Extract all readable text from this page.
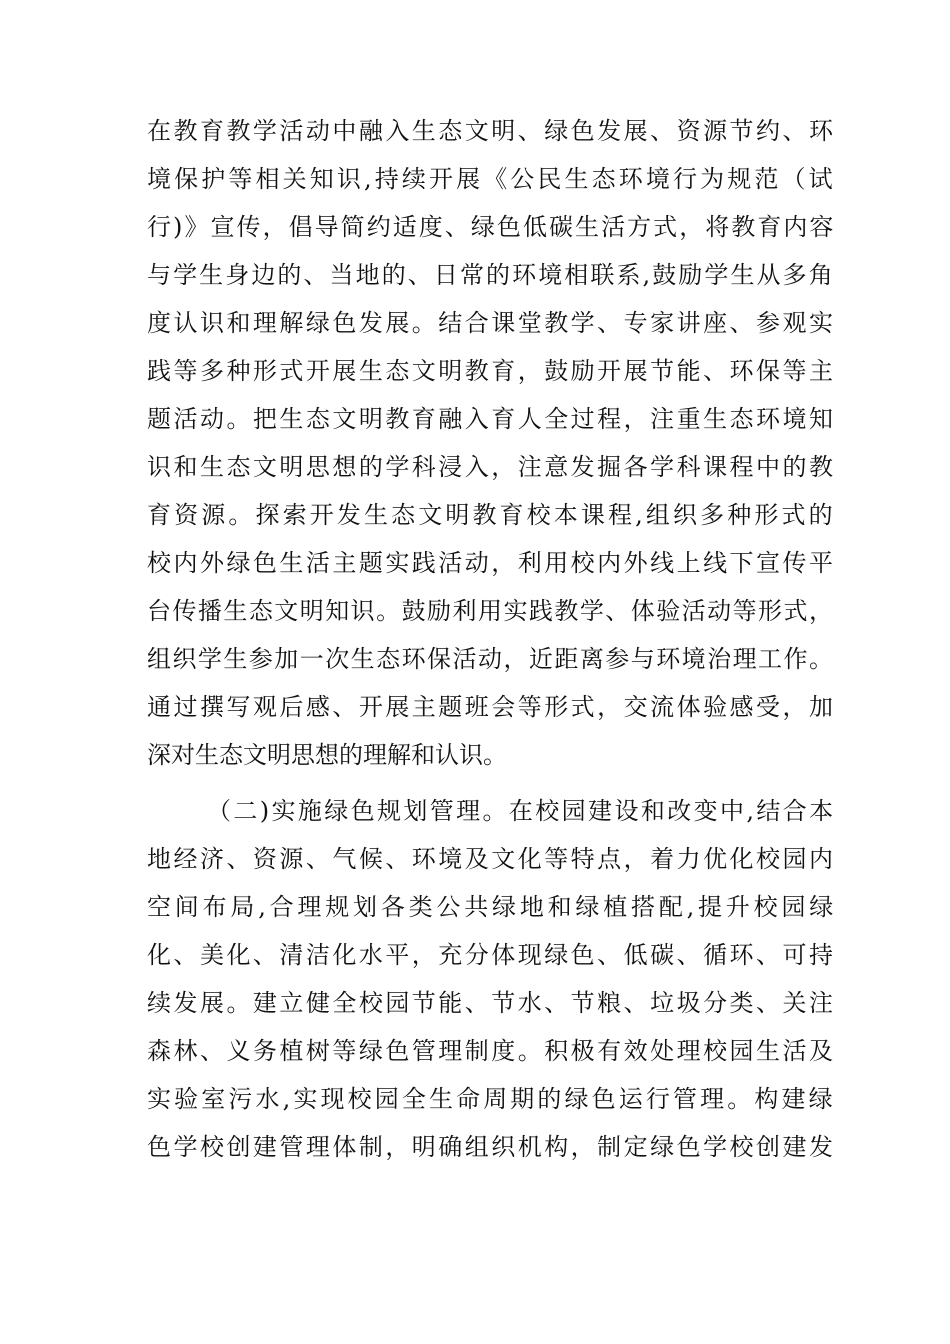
在教育教学活动中融入生态文明、绿色发展、资源节约、环
境保护等相关知识,持续开展《公民生态环境行为规范（试
行)》宣传，倡导简约适度、绿色低碳生活方式，将教育内容
与学生身边的、当地的、日常的环境相联系,鼓励学生从多角
度认识和理解绿色发展。结合课堂教学、专家讲座、参观实
践等多种形式开展生态文明教育，鼓励开展节能、环保等主
题活动。把生态文明教育融入育人全过程，注重生态环境知
识和生态文明思想的学科浸入，注意发掘各学科课程中的教
育资源。探索开发生态文明教育校本课程,组织多种形式的
校内外绿色生活主题实践活动，利用校内外线上线下宣传平
台传播生态文明知识。鼓励利用实践教学、体验活动等形式，
组织学生参加一次生态环保活动，近距离参与环境治理工作。
通过撰写观后感、开展主题班会等形式，交流体验感受，加
深对生态文明思想的理解和认识。
（二)实施绿色规划管理。在校园建设和改变中,结合本
地经济、资源、气候、环境及文化等特点，着力优化校园内
空间布局,合理规划各类公共绿地和绿植搭配,提升校园绿
化、美化、清洁化水平，充分体现绿色、低碳、循环、可持
续发展。建立健全校园节能、节水、节粮、垃圾分类、关注
森林、义务植树等绿色管理制度。积极有效处理校园生活及
实验室污水,实现校园全生命周期的绿色运行管理。构建绿
色学校创建管理体制，明确组织机构，制定绿色学校创建发
